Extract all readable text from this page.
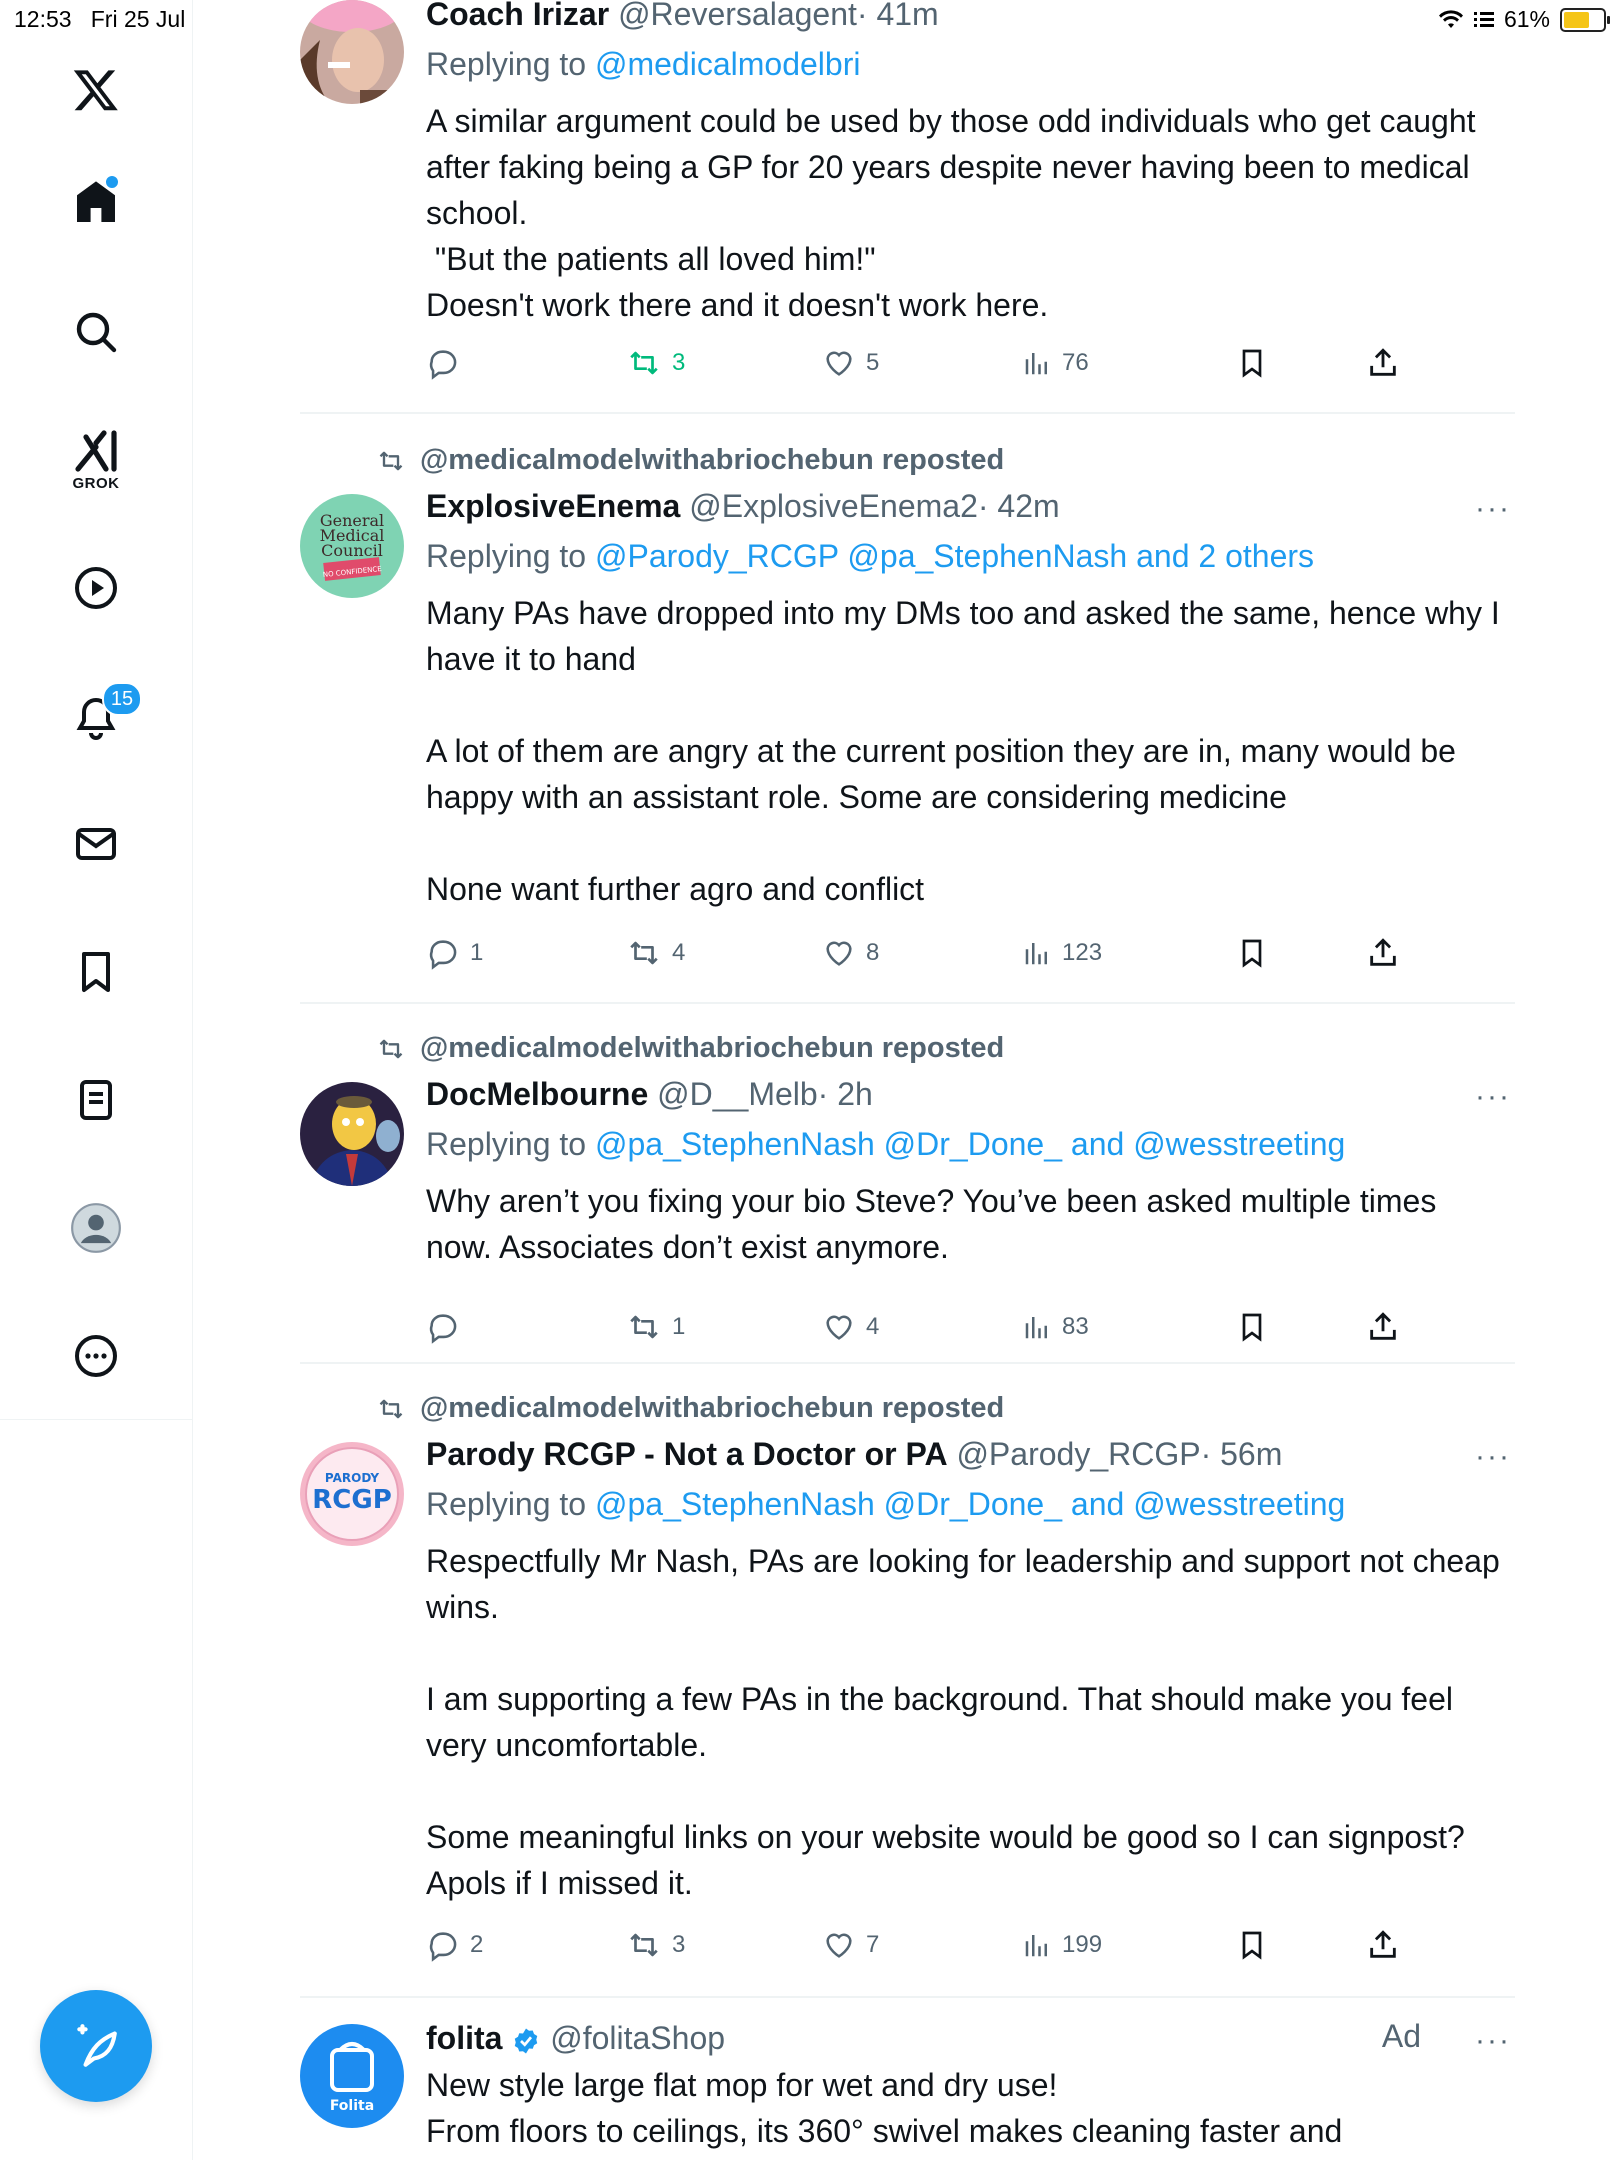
12:53 Fri 25 Jul	61%
GROK
15
Coach Irizar @Reversalagent· 41m
Replying to @medicalmodelbri

A similar argument could be used by those odd individuals who get caught after faking being a GP for 20 years despite never having been to medical school.

"But the patients all loved him!"

Doesn't work there and it doesn't work here.

3	5	76
@medicalmodelwithabriochebun reposted
General
Medical
Council
NO CONFIDENCE
ExplosiveEnema @ExplosiveEnema2· 42m	···
Replying to @Parody_RCGP @pa_StephenNash and 2 others

Many PAs have dropped into my DMs too and asked the same, hence why I have it to hand

A lot of them are angry at the current position they are in, many would be happy with an assistant role. Some are considering medicine

None want further agro and conflict

1	4	8	123
@medicalmodelwithabriochebun reposted
DocMelbourne @D__Melb· 2h	···
Replying to @pa_StephenNash @Dr_Done_ and @wesstreeting

Why aren’t you fixing your bio Steve? You’ve been asked multiple times now. Associates don’t exist anymore.

1	4	83
@medicalmodelwithabriochebun reposted
PARODY
RCGP
Parody RCGP - Not a Doctor or PA @Parody_RCGP· 56m	···
Replying to @pa_StephenNash @Dr_Done_ and @wesstreeting

Respectfully Mr Nash, PAs are looking for leadership and support not cheap wins.

I am supporting a few PAs in the background. That should make you feel very uncomfortable.

Some meaningful links on your website would be good so I can signpost? Apols if I missed it.

2	3	7	199
Folita
folita @folitaShop	Ad ···

New style large flat mop for wet and dry use!

From floors to ceilings, its 360° swivel makes cleaning faster and
